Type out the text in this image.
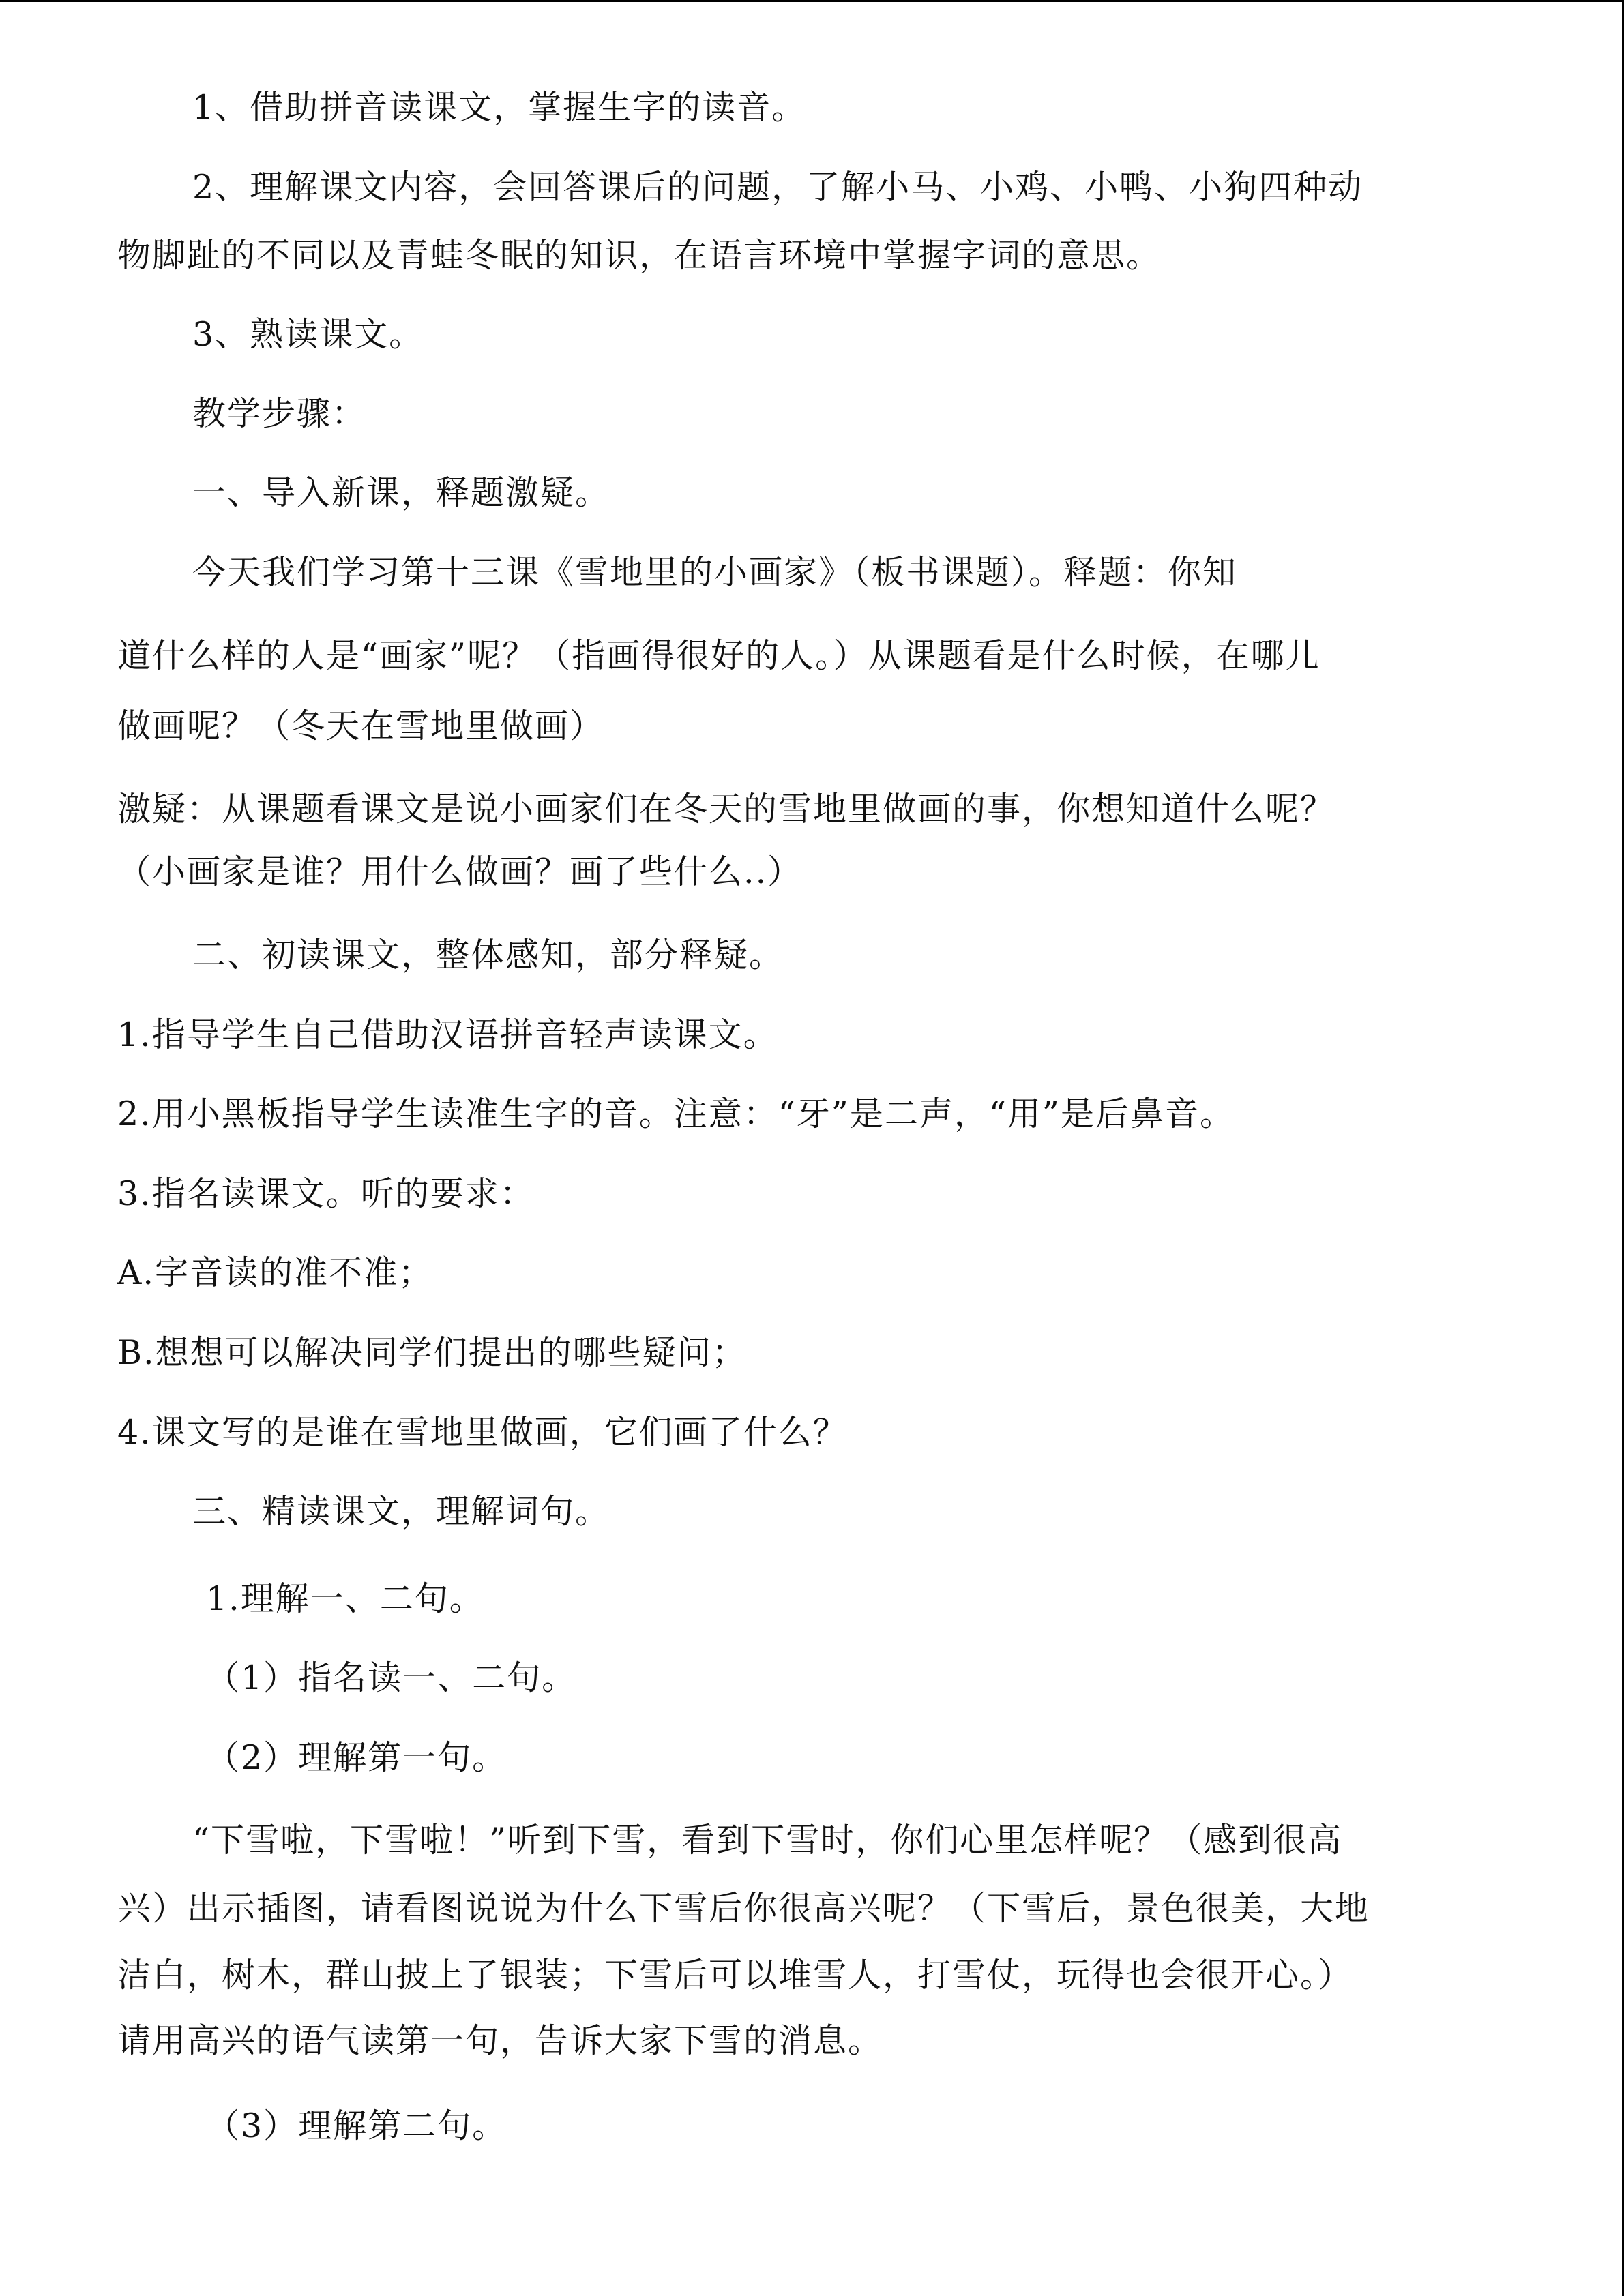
1、借助拼音读课文，掌握生字的读音。
2、理解课文内容，会回答课后的问题，了解小马、小鸡、小鸭、小狗四种动
物脚趾的不同以及青蛙冬眠的知识，在语言环境中掌握字词的意思。
3、熟读课文。
教学步骤：
一、导入新课，释题激疑。
今天我们学习第十三课《雪地里的小画家》（板书课题）。释题：你知
道什么样的人是“画家”呢？（指画得很好的人。）从课题看是什么时候，在哪儿
做画呢？（冬天在雪地里做画）
激疑：从课题看课文是说小画家们在冬天的雪地里做画的事，你想知道什么呢？
（小画家是谁？用什么做画？画了些什么..）
二、初读课文，整体感知，部分释疑。
1.指导学生自己借助汉语拼音轻声读课文。
2.用小黑板指导学生读准生字的音。注意：“牙”是二声，“用”是后鼻音。
3.指名读课文。听的要求：
A.字音读的准不准；
B.想想可以解决同学们提出的哪些疑问；
4.课文写的是谁在雪地里做画，它们画了什么？
三、精读课文，理解词句。
1.理解一、二句。
（1）指名读一、二句。
（2）理解第一句。
“下雪啦，下雪啦！”听到下雪，看到下雪时，你们心里怎样呢？（感到很高
兴）出示插图，请看图说说为什么下雪后你很高兴呢？（下雪后，景色很美，大地
洁白，树木，群山披上了银装；下雪后可以堆雪人，打雪仗，玩得也会很开心。）
请用高兴的语气读第一句，告诉大家下雪的消息。
（3）理解第二句。
